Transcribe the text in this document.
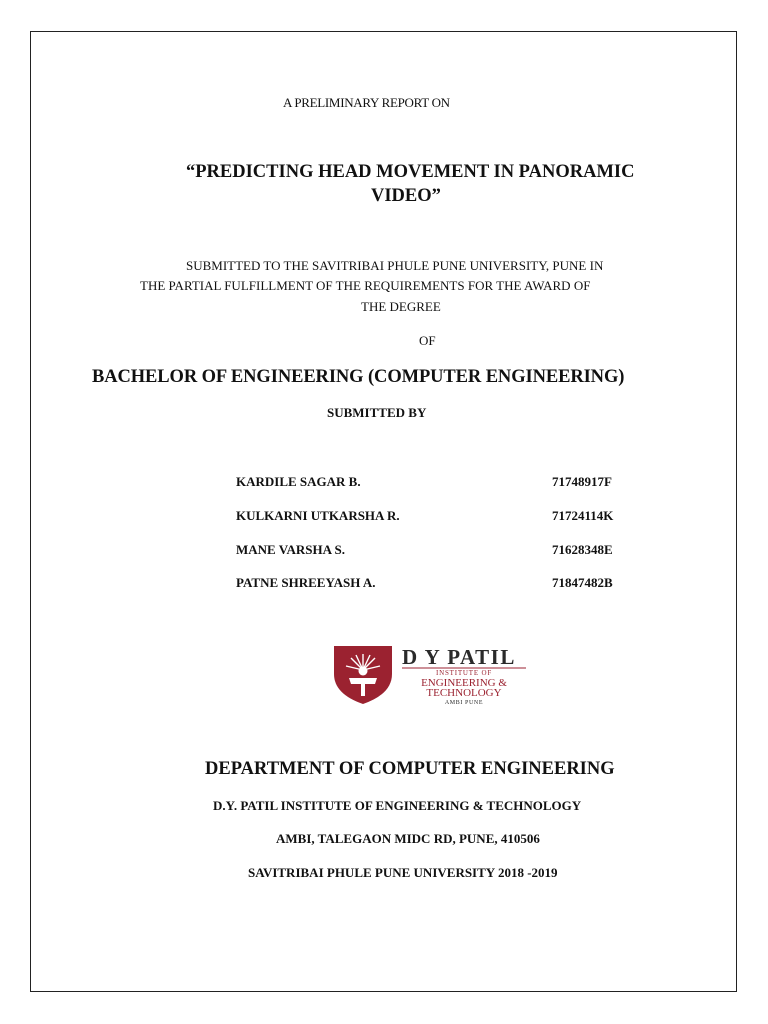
A PRELIMINARY REPORT ON
“PREDICTING HEAD MOVEMENT IN PANORAMIC
VIDEO”
SUBMITTED TO THE SAVITRIBAI PHULE PUNE UNIVERSITY, PUNE IN
THE PARTIAL FULFILLMENT OF THE REQUIREMENTS FOR THE AWARD OF
THE DEGREE
OF
BACHELOR OF ENGINEERING (COMPUTER ENGINEERING)
SUBMITTED BY
KARDILE SAGAR B.	71748917F
KULKARNI UTKARSHA R.	71724114K
MANE VARSHA S.	71628348E
PATNE SHREEYASH A.	71847482B
D Y PATIL
INSTITUTE OF
ENGINEERING &
TECHNOLOGY
AMBI PUNE
DEPARTMENT OF COMPUTER ENGINEERING
D.Y. PATIL INSTITUTE OF ENGINEERING & TECHNOLOGY
AMBI, TALEGAON MIDC RD, PUNE, 410506
SAVITRIBAI PHULE PUNE UNIVERSITY 2018 -2019
